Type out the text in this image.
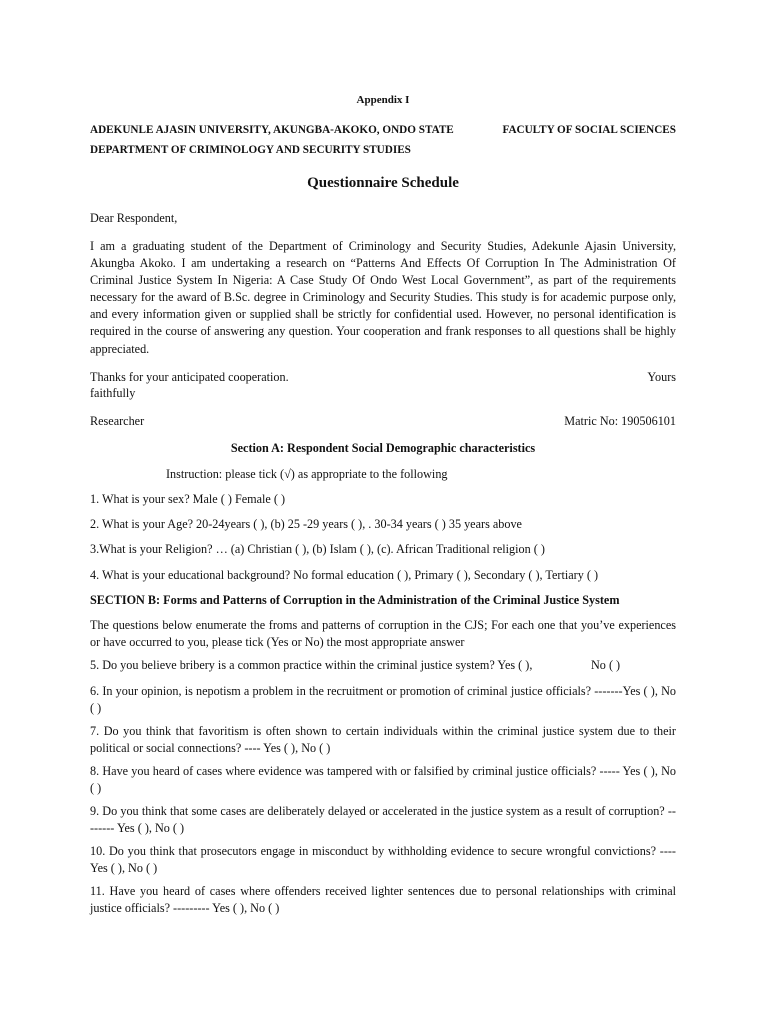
Appendix I

ADEKUNLE AJASIN UNIVERSITY, AKUNGBA-AKOKO, ONDO STATE	FACULTY OF SOCIAL SCIENCES

DEPARTMENT OF CRIMINOLOGY AND SECURITY STUDIES

Questionnaire Schedule

Dear Respondent,

I am a graduating student of the Department of Criminology and Security Studies, Adekunle Ajasin University, Akungba Akoko. I am undertaking a research on “Patterns And Effects Of Corruption In The Administration Of Criminal Justice System In Nigeria: A Case Study Of Ondo West Local Government”, as part of the requirements necessary for the award of B.Sc. degree in Criminology and Security Studies. This study is for academic purpose only, and every information given or supplied shall be strictly for confidential used. However, no personal identification is required in the course of answering any question. Your cooperation and frank responses to all questions shall be highly appreciated.

Thanks for your anticipated cooperation.	Yours

faithfully

Researcher	Matric No: 190506101

Section A: Respondent Social Demographic characteristics

Instruction: please tick (√) as appropriate to the following

1. What is your sex? Male ( ) Female ( )

2. What is your Age? 20-24years ( ), (b) 25 -29 years ( ), . 30-34 years ( ) 35 years above

3.What is your Religion? … (a) Christian ( ), (b) Islam ( ), (c). African Traditional religion ( )

4. What is your educational background? No formal education ( ), Primary ( ), Secondary ( ), Tertiary ( )

SECTION B: Forms and Patterns of Corruption in the Administration of the Criminal Justice System

The questions below enumerate the froms and patterns of corruption in the CJS; For each one that you’ve experiences or have occurred to you, please tick (Yes or No) the most appropriate answer

5. Do you believe bribery is a common practice within the criminal justice system? Yes ( ),	No ( )

6. In your opinion, is nepotism a problem in the recruitment or promotion of criminal justice officials? -------Yes ( ), No ( )

7. Do you think that favoritism is often shown to certain individuals within the criminal justice system due to their political or social connections? ---- Yes ( ), No ( )

8. Have you heard of cases where evidence was tampered with or falsified by criminal justice officials? ----- Yes ( ), No ( )

9. Do you think that some cases are deliberately delayed or accelerated in the justice system as a result of corruption? -------- Yes ( ), No ( )

10. Do you think that prosecutors engage in misconduct by withholding evidence to secure wrongful convictions? ---- Yes ( ), No ( )

11. Have you heard of cases where offenders received lighter sentences due to personal relationships with criminal justice officials? --------- Yes ( ), No ( )
